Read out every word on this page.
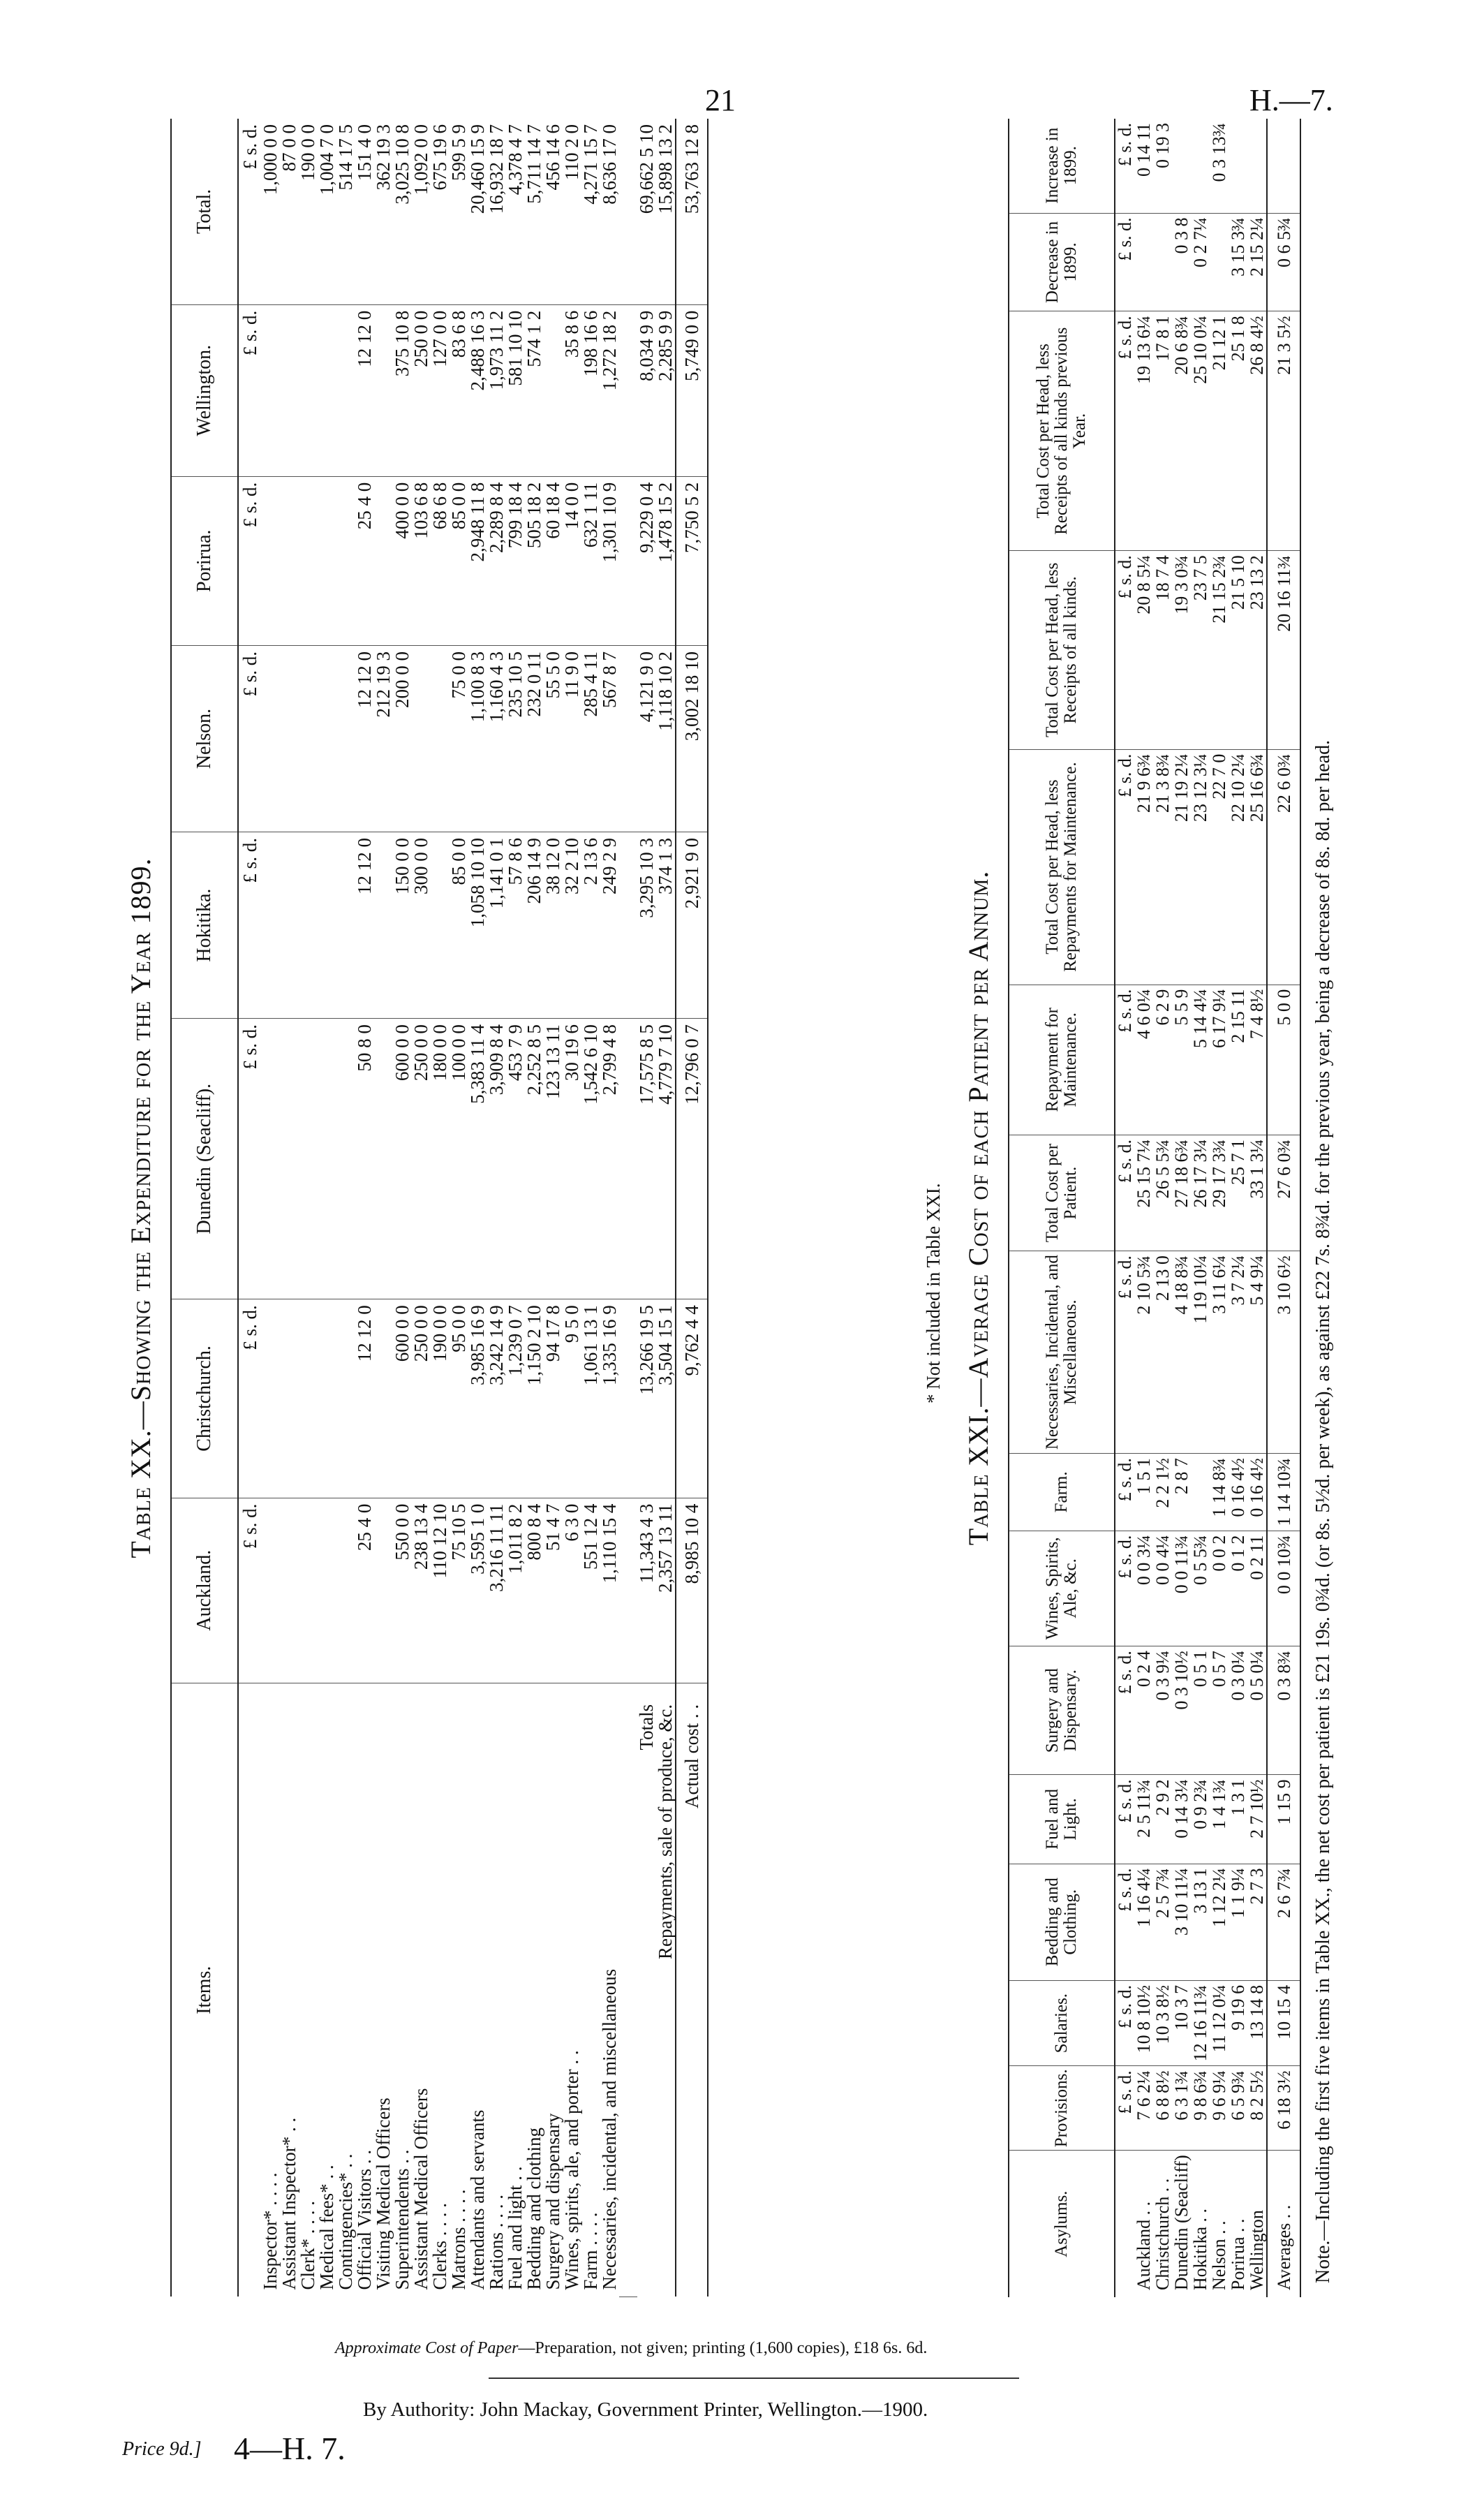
21	H.—7.
Table XX.—Showing the Expenditure for the Year 1899.
Items.	Auckland.	Christchurch.	Dunedin (Seacliff).	Hokitika.	Nelson.	Porirua.	Wellington.	Total.
	£ s. d.	£ s. d.	£ s. d.	£ s. d.	£ s. d.	£ s. d.	£ s. d.	£ s. d.
Inspector* . . . .								1,000 0 0
Assistant Inspector* . .								87 0 0
Clerk* . . . .								190 0 0
Medical fees* . .								1,004 7 0
Contingencies* . .								514 17 5
Official Visitors . .	25 4 0	12 12 0	50 8 0	12 12 0	12 12 0	25 4 0	12 12 0	151 4 0
Visiting Medical Officers					212 19 3			362 19 3
Superintendents . .	550 0 0	600 0 0	600 0 0	150 0 0	200 0 0	400 0 0	375 10 8	3,025 10 8
Assistant Medical Officers	238 13 4	250 0 0	250 0 0	300 0 0		103 6 8	250 0 0	1,092 0 0
Clerks . . . .	110 12 10	190 0 0	180 0 0			68 6 8	127 0 0	675 19 6
Matrons . . . .	75 10 5	95 0 0	100 0 0	85 0 0	75 0 0	85 0 0	83 6 8	599 5 9
Attendants and servants	3,595 1 0	3,985 16 9	5,383 11 4	1,058 10 10	1,100 8 3	2,948 11 8	2,488 16 3	20,460 15 9
Rations . . . .	3,216 11 11	3,242 14 9	3,909 8 4	1,141 0 1	1,160 4 3	2,289 8 4	1,973 11 2	16,932 18 7
Fuel and light . .	1,011 8 2	1,239 0 7	453 7 9	57 8 6	235 10 5	799 18 4	581 10 10	4,378 4 7
Bedding and clothing	800 8 4	1,150 2 10	2,252 8 5	206 14 9	232 0 11	505 18 2	574 1 2	5,711 14 7
Surgery and dispensary	51 4 7	94 17 8	123 13 11	38 12 0	55 5 0	60 18 4		456 14 6
Wines, spirits, ale, and porter . .	6 3 0	9 5 0	30 19 6	32 2 10	11 9 0	14 0 0	35 8 6	110 2 0
Farm . . . .	551 12 4	1,061 13 1	1,542 6 10	2 13 6	285 4 11	632 1 11	198 16 6	4,271 15 7
Necessaries, incidental, and miscellaneous	1,110 15 4	1,335 16 9	2,799 4 8	249 2 9	567 8 7	1,301 10 9	1,272 18 2	8,636 17 0

Totals	11,343 4 3	13,266 19 5	17,575 8 5	3,295 10 3	4,121 9 0	9,229 0 4	8,034 9 9	69,662 5 10
Repayments, sale of produce, &c.	2,357 13 11	3,504 15 1	4,779 7 10	374 1 3	1,118 10 2	1,478 15 2	2,285 9 9	15,898 13 2
Actual cost . .	8,985 10 4	9,762 4 4	12,796 0 7	2,921 9 0	3,002 18 10	7,750 5 2	5,749 0 0	53,763 12 8
* Not included in Table XXI. Table XXI.—Average Cost of each Patient per Annum.
Asylums.	Provisions.	Salaries.	Bedding and Clothing.	Fuel and Light.	Surgery and Dispensary.	Wines, Spirits, Ale, &c.	Farm.	Necessaries, Incidental, and Miscellaneous.	Total Cost per Patient.	Repayment for Maintenance.	Total Cost per Head, less Repayments for Maintenance.	Total Cost per Head, less Receipts of all kinds.	Total Cost per Head, less Receipts of all kinds previous Year.	Decrease in 1899.	Increase in 1899.
	£ s. d.	£ s. d.	£ s. d.	£ s. d.	£ s. d.	£ s. d.	£ s. d.	£ s. d.	£ s. d.	£ s. d.	£ s. d.	£ s. d.	£ s. d.	£ s. d.	£ s. d.
Auckland . .	7 6 2¼	10 8 10½	1 16 4¼	2 5 11¾	0 2 4	0 0 3¼	1 5 1	2 10 5¾	25 15 7¼	4 6 0¼	21 9 6¾	20 8 5¼	19 13 6¼		0 14 11
Christchurch . .	6 8 8½	10 3 8½	2 5 7¾	2 9 2	0 3 9¼	0 0 4¼	2 2 1½	2 13 0	26 5 5¾	6 2 9	21 3 8¾	18 7 4	17 8 1		0 19 3
Dunedin (Seacliff)	6 3 1¾	10 3 7	3 10 11¼	0 14 3¼	0 3 10½	0 0 11¾	2 8 7	4 18 8¾	27 18 6¾	5 5 9	21 19 2¼	19 3 0¾	20 6 8¾	0 3 8	
Hokitika . .	9 8 6¾	12 16 11¾	3 13 1	0 9 2¾	0 5 1	0 5 5¾		1 19 10¼	26 17 3¼	5 14 4¼	23 12 3¼	23 7 5	25 10 0¼	0 2 7¼	
Nelson . .	9 6 9¼	11 12 0¼	1 12 2¼	1 4 1¾	0 5 7	0 0 2	1 14 8¾	3 11 6¼	29 17 3¾	6 17 9¼	22 7 0	21 15 2¾	21 12 1		0 3 13¾
Porirua . .	6 5 9¾	9 19 6	1 1 9¼	1 3 1	0 3 0¼	0 1 2	0 16 4½	3 7 2¼	25 7 1	2 15 11	22 10 2¼	21 5 10	25 1 8	3 15 3¾	
Wellington	8 2 5½	13 14 8	2 7 3	2 7 10½	0 5 0¼	0 2 11	0 16 4½	5 4 9¼	33 1 3¼	7 4 8½	25 16 6¾	23 13 2	26 8 4½	2 15 2¼	
Averages . .	6 18 3½	10 15 4	2 6 7¾	1 15 9	0 3 8¾	0 0 10¾	1 14 10¾	3 10 6½	27 6 0¾	5 0 0	22 6 0¾	20 16 11¾	21 3 5½	0 6 5¾	
Note.—Including the first five items in Table XX., the net cost per patient is £21 19s. 0¾d. (or 8s. 5½d. per week), as against £22 7s. 8¾d. for the previous year, being a decrease of 8s. 8d. per head.
Approximate Cost of Paper—Preparation, not given; printing (1,600 copies), £18 6s. 6d.
By Authority: John Mackay, Government Printer, Wellington.—1900.
Price 9d.] 4—H. 7.
